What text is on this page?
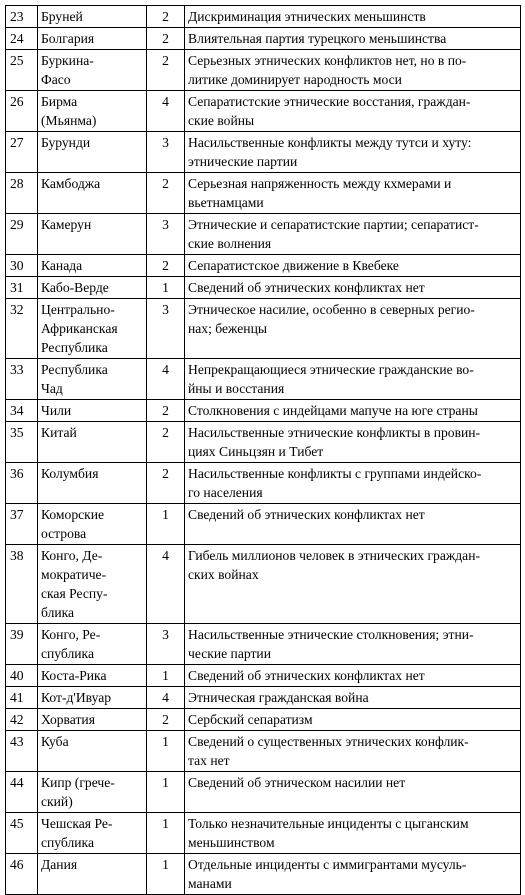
23	Бруней	2	Дискриминация этнических меньшинств
24	Болгария	2	Влиятельная партия турецкого меньшинства
25	Буркина-
Фасо	2	Серьезных этнических конфликтов нет, но в по-
литике доминирует народность моси
26	Бирма
(Мьянма)	4	Сепаратистские этнические восстания, граждан-
ские войны
27	Бурунди	3	Насильственные конфликты между тутси и хуту:
этнические партии
28	Камбоджа	2	Серьезная напряженность между кхмерами и
вьетнамцами
29	Камерун	3	Этнические и сепаратистские партии; сепаратист-
ские волнения
30	Канада	2	Сепаратистское движение в Квебеке
31	Кабо-Верде	1	Сведений об этнических конфликтах нет
32	Центрально-
Африканская
Республика	3	Этническое насилие, особенно в северных регио-
нах; беженцы
33	Республика
Чад	4	Непрекращающиеся этнические гражданские во-
йны и восстания
34	Чили	2	Столкновения с индейцами мапуче на юге страны
35	Китай	2	Насильственные этнические конфликты в провин-
циях Синьцзян и Тибет
36	Колумбия	2	Насильственные конфликты с группами индейско-
го населения
37	Коморские
острова	1	Сведений об этнических конфликтах нет
38	Конго, Де-
мократиче-
ская Респу-
блика	4	Гибель миллионов человек в этнических граждан-
ских войнах
39	Конго, Ре-
спублика	3	Насильственные этнические столкновения; этни-
ческие партии
40	Коста-Рика	1	Сведений об этнических конфликтах нет
41	Кот-д'Ивуар	4	Этническая гражданская война
42	Хорватия	2	Сербский сепаратизм
43	Куба	1	Сведений о существенных этнических конфлик-
тах нет
44	Кипр (грече-
ский)	1	Сведений об этническом насилии нет
45	Чешская Ре-
спублика	1	Только незначительные инциденты с цыганским
меньшинством
46	Дания	1	Отдельные инциденты с иммигрантами мусуль-
манами
